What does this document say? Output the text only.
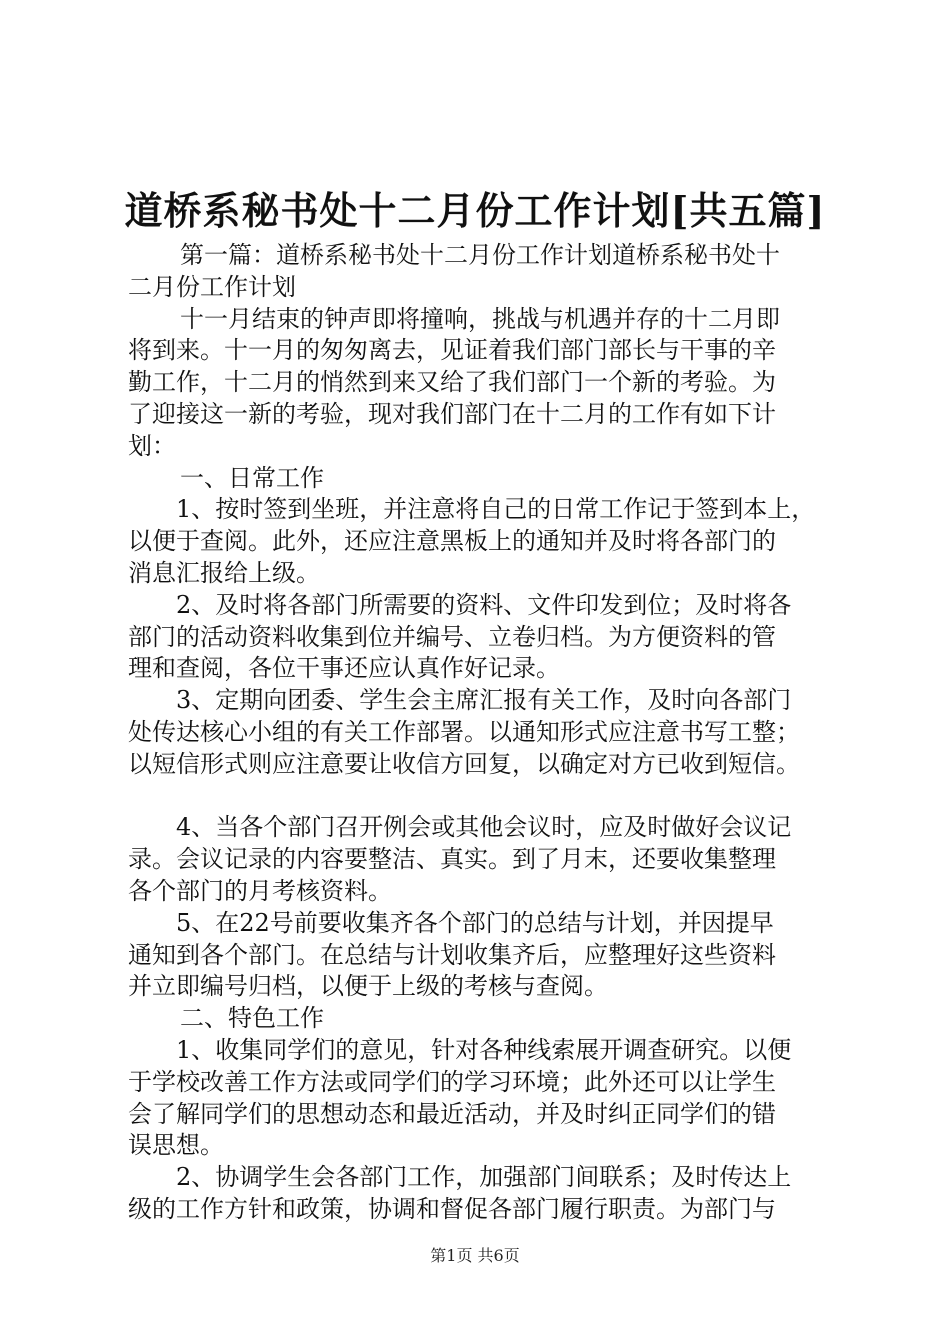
道桥系秘书处十二月份工作计划[共五篇]
第一篇：道桥系秘书处十二月份工作计划道桥系秘书处十
二月份工作计划
十一月结束的钟声即将撞响，挑战与机遇并存的十二月即
将到来。十一月的匆匆离去，见证着我们部门部长与干事的辛
勤工作，十二月的悄然到来又给了我们部门一个新的考验。为
了迎接这一新的考验，现对我们部门在十二月的工作有如下计
划：
一、日常工作
1、按时签到坐班，并注意将自己的日常工作记于签到本上，
以便于查阅。此外，还应注意黑板上的通知并及时将各部门的
消息汇报给上级。
2、及时将各部门所需要的资料、文件印发到位；及时将各
部门的活动资料收集到位并编号、立卷归档。为方便资料的管
理和查阅，各位干事还应认真作好记录。
3、定期向团委、学生会主席汇报有关工作，及时向各部门
处传达核心小组的有关工作部署。以通知形式应注意书写工整；
以短信形式则应注意要让收信方回复，以确定对方已收到短信。
4、当各个部门召开例会或其他会议时，应及时做好会议记
录。会议记录的内容要整洁、真实。到了月末，还要收集整理
各个部门的月考核资料。
5、在22号前要收集齐各个部门的总结与计划，并因提早
通知到各个部门。在总结与计划收集齐后，应整理好这些资料
并立即编号归档，以便于上级的考核与查阅。
二、特色工作
1、收集同学们的意见，针对各种线索展开调查研究。以便
于学校改善工作方法或同学们的学习环境；此外还可以让学生
会了解同学们的思想动态和最近活动，并及时纠正同学们的错
误思想。
2、协调学生会各部门工作，加强部门间联系；及时传达上
级的工作方针和政策，协调和督促各部门履行职责。为部门与
第1页 共6页
